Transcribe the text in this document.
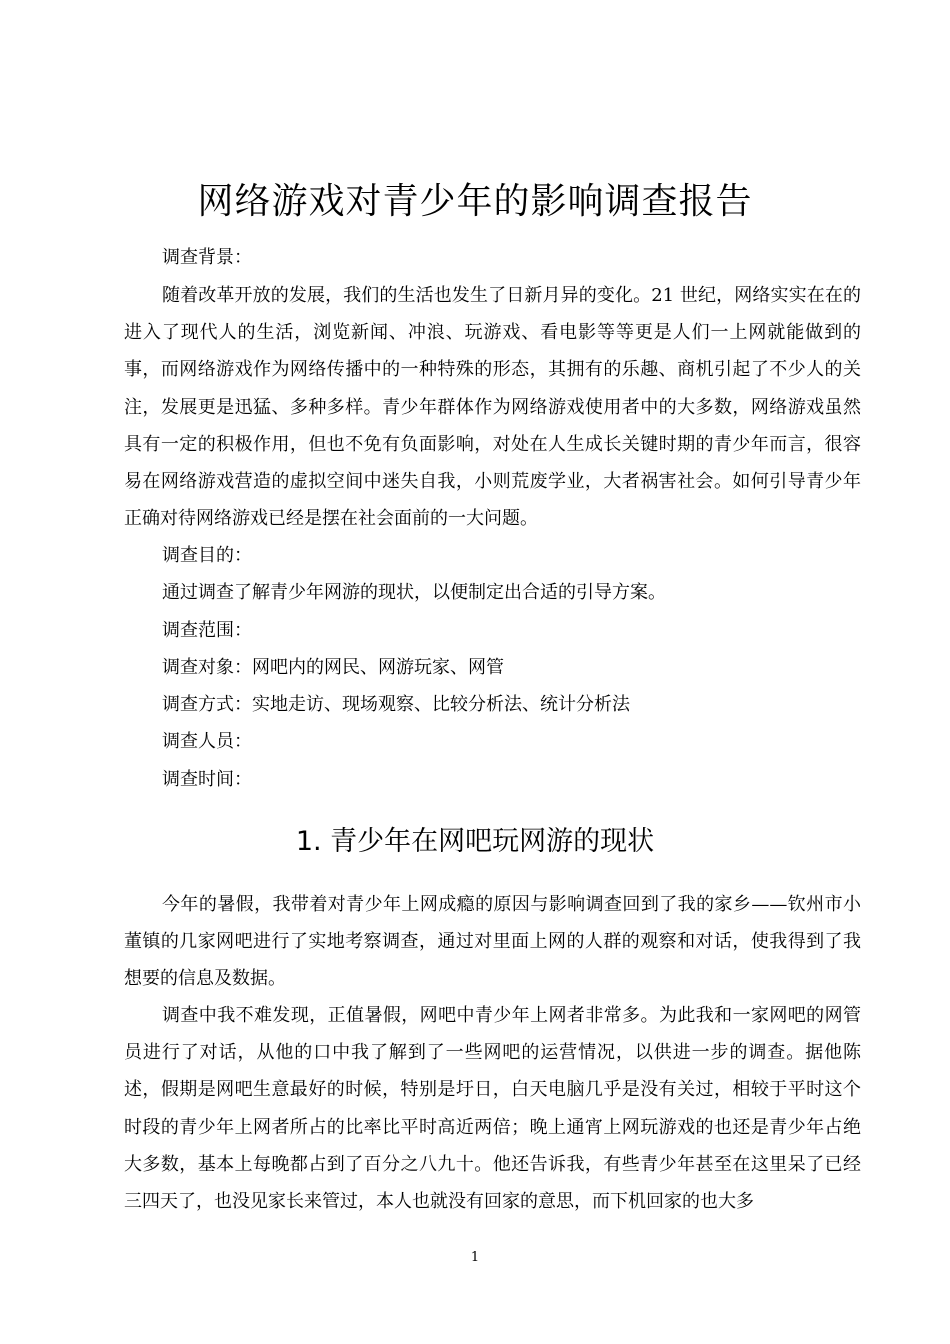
网络游戏对青少年的影响调查报告
调查背景：

随着改革开放的发展，我们的生活也发生了日新月异的变化。21 世纪，网络实实在在的进入了现代人的生活，浏览新闻、冲浪、玩游戏、看电影等等更是人们一上网就能做到的事，而网络游戏作为网络传播中的一种特殊的形态，其拥有的乐趣、商机引起了不少人的关注，发展更是迅猛、多种多样。青少年群体作为网络游戏使用者中的大多数，网络游戏虽然具有一定的积极作用，但也不免有负面影响，对处在人生成长关键时期的青少年而言，很容易在网络游戏营造的虚拟空间中迷失自我，小则荒废学业，大者祸害社会。如何引导青少年正确对待网络游戏已经是摆在社会面前的一大问题。

调查目的：
通过调查了解青少年网游的现状，以便制定出合适的引导方案。
调查范围：
调查对象：网吧内的网民、网游玩家、网管
调查方式：实地走访、现场观察、比较分析法、统计分析法
调查人员：
调查时间：
1. 青少年在网吧玩网游的现状

今年的暑假，我带着对青少年上网成瘾的原因与影响调查回到了我的家乡——钦州市小董镇的几家网吧进行了实地考察调查，通过对里面上网的人群的观察和对话，使我得到了我想要的信息及数据。

调查中我不难发现，正值暑假，网吧中青少年上网者非常多。为此我和一家网吧的网管员进行了对话，从他的口中我了解到了一些网吧的运营情况，以供进一步的调查。据他陈述，假期是网吧生意最好的时候，特别是圩日，白天电脑几乎是没有关过，相较于平时这个时段的青少年上网者所占的比率比平时高近两倍；晚上通宵上网玩游戏的也还是青少年占绝大多数，基本上每晚都占到了百分之八九十。他还告诉我，有些青少年甚至在这里呆了已经三四天了，也没见家长来管过，本人也就没有回家的意思，而下机回家的也大多

1
